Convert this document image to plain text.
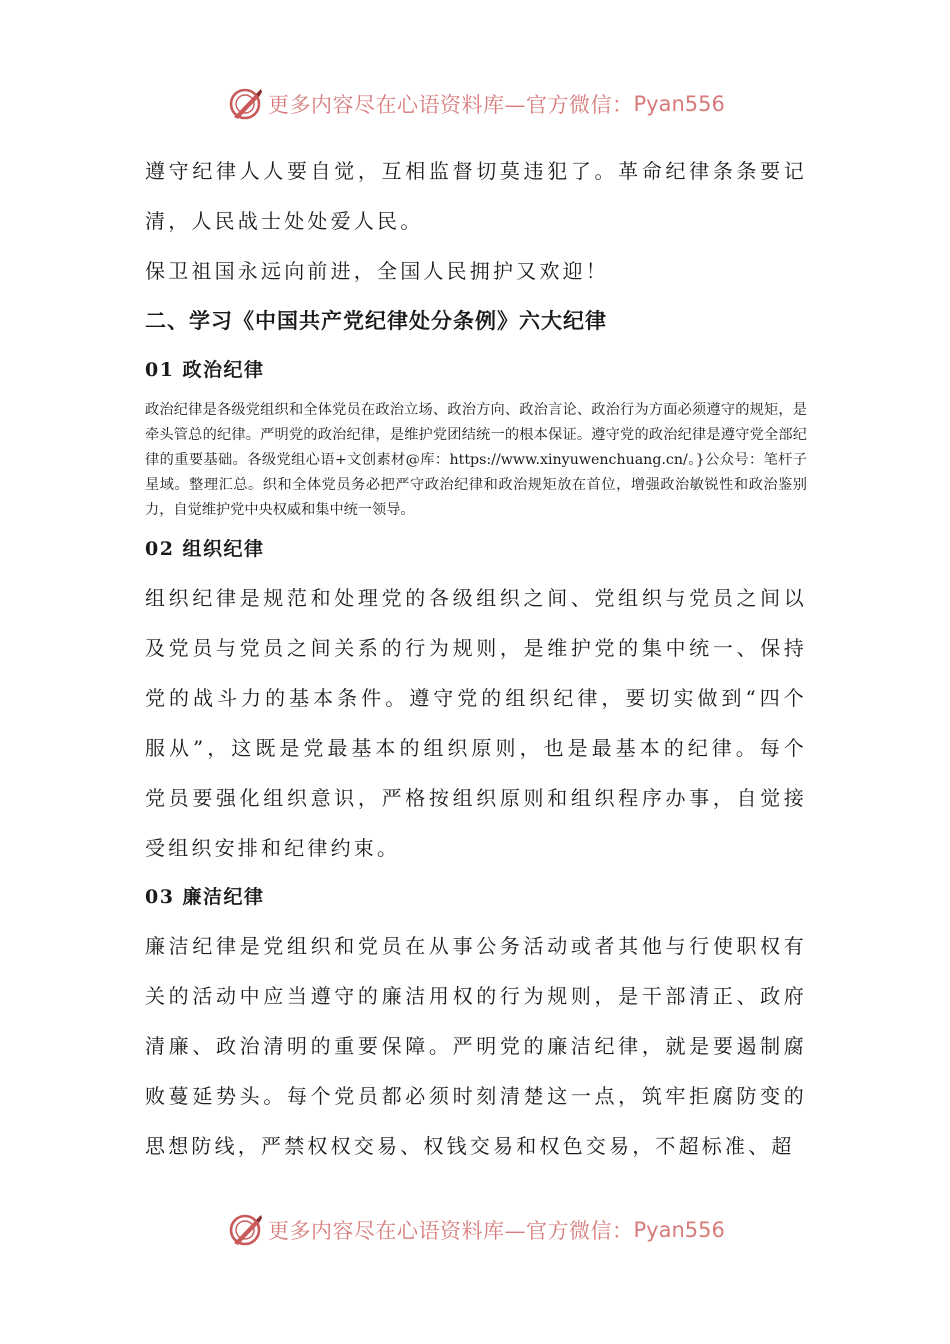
更多内容尽在心语资料库—官方微信： Pyan556

遵守纪律人人要自觉，互相监督切莫违犯了。革命纪律条条要记清，人民战士处处爱人民。

保卫祖国永远向前进，全国人民拥护又欢迎！

二、学习《中国共产党纪律处分条例》六大纪律
01 政治纪律

政治纪律是各级党组织和全体党员在政治立场、政治方向、政治言论、政治行为方面必须遵守的规矩，是牵头管总的纪律。严明党的政治纪律，是维护党团结统一的根本保证。遵守党的政治纪律是遵守党全部纪律的重要基础。各级党组心语+文创素材@库：https://www.xinyuwenchuang.cn/。}公众号：笔杆子星域。整理汇总。织和全体党员务必把严守政治纪律和政治规矩放在首位，增强政治敏锐性和政治鉴别力，自觉维护党中央权威和集中统一领导。

02 组织纪律

组织纪律是规范和处理党的各级组织之间、党组织与党员之间以及党员与党员之间关系的行为规则，是维护党的集中统一、保持党的战斗力的基本条件。遵守党的组织纪律，要切实做到“四个服从”，这既是党最基本的组织原则，也是最基本的纪律。每个党员要强化组织意识，严格按组织原则和组织程序办事，自觉接受组织安排和纪律约束。

03 廉洁纪律

廉洁纪律是党组织和党员在从事公务活动或者其他与行使职权有关的活动中应当遵守的廉洁用权的行为规则，是干部清正、政府清廉、政治清明的重要保障。严明党的廉洁纪律，就是要遏制腐败蔓延势头。每个党员都必须时刻清楚这一点，筑牢拒腐防变的思想防线，严禁权权交易、权钱交易和权色交易，不超标准、超

更多内容尽在心语资料库—官方微信： Pyan556
